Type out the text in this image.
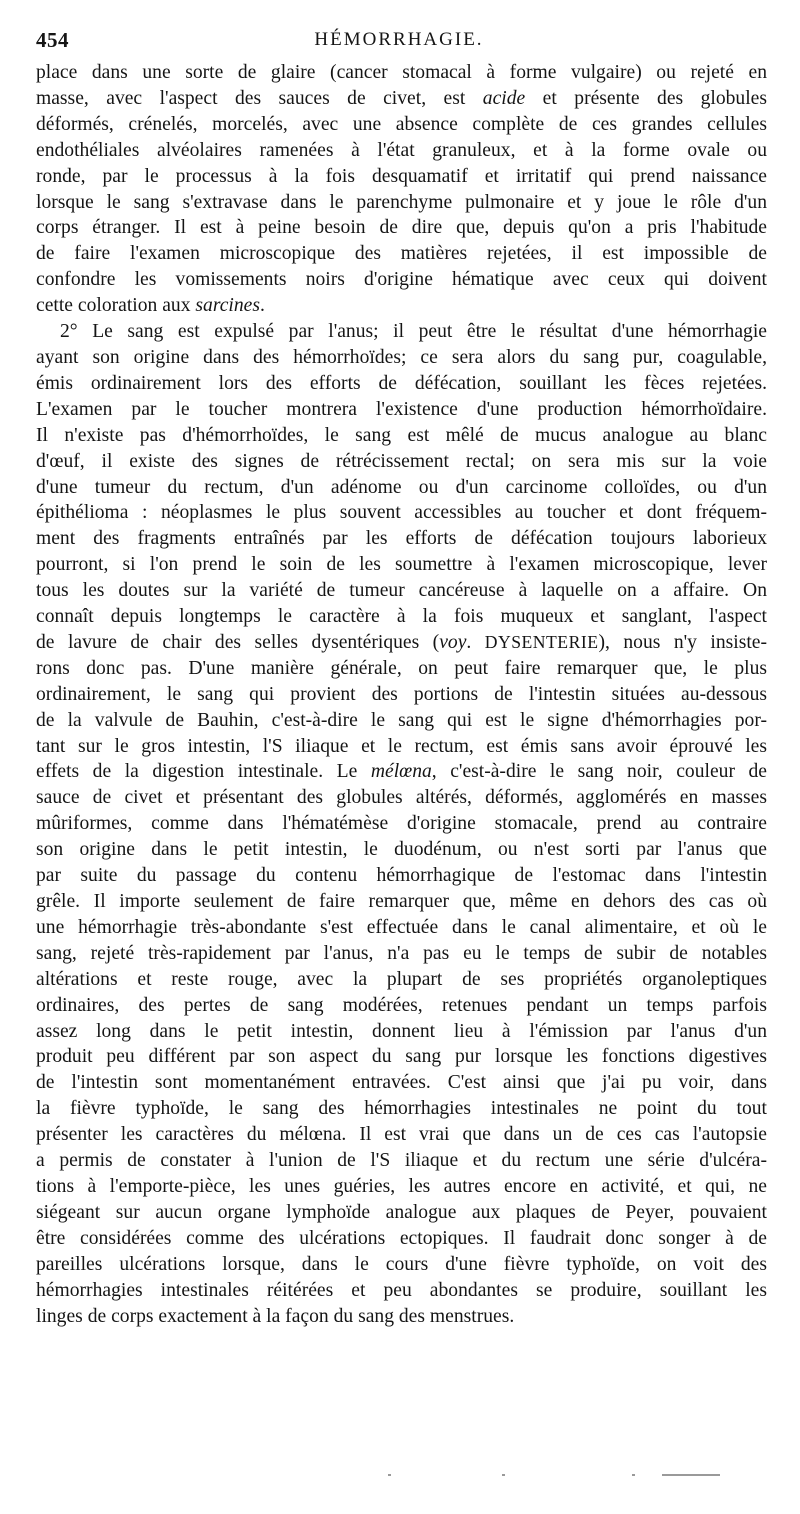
454	HÉMORRHAGIE.
place dans une sorte de glaire (cancer stomacal à forme vulgaire) ou rejeté en
masse, avec l'aspect des sauces de civet, est acide et présente des globules
déformés, crénelés, morcelés, avec une absence complète de ces grandes cellules
endothéliales alvéolaires ramenées à l'état granuleux, et à la forme ovale ou
ronde, par le processus à la fois desquamatif et irritatif qui prend naissance
lorsque le sang s'extravase dans le parenchyme pulmonaire et y joue le rôle d'un
corps étranger. Il est à peine besoin de dire que, depuis qu'on a pris l'habitude
de faire l'examen microscopique des matières rejetées, il est impossible de
confondre les vomissements noirs d'origine hématique avec ceux qui doivent
cette coloration aux sarcines.
2° Le sang est expulsé par l'anus; il peut être le résultat d'une hémorrhagie
ayant son origine dans des hémorrhoïdes; ce sera alors du sang pur, coagulable,
émis ordinairement lors des efforts de défécation, souillant les fèces rejetées.
L'examen par le toucher montrera l'existence d'une production hémorrhoïdaire.
Il n'existe pas d'hémorrhoïdes, le sang est mêlé de mucus analogue au blanc
d'œuf, il existe des signes de rétrécissement rectal; on sera mis sur la voie
d'une tumeur du rectum, d'un adénome ou d'un carcinome colloïdes, ou d'un
épithélioma : néoplasmes le plus souvent accessibles au toucher et dont fréquem-
ment des fragments entraînés par les efforts de défécation toujours laborieux
pourront, si l'on prend le soin de les soumettre à l'examen microscopique, lever
tous les doutes sur la variété de tumeur cancéreuse à laquelle on a affaire. On
connaît depuis longtemps le caractère à la fois muqueux et sanglant, l'aspect
de lavure de chair des selles dysentériques (voy. DYSENTERIE), nous n'y insiste-
rons donc pas. D'une manière générale, on peut faire remarquer que, le plus
ordinairement, le sang qui provient des portions de l'intestin situées au-dessous
de la valvule de Bauhin, c'est-à-dire le sang qui est le signe d'hémorrhagies por-
tant sur le gros intestin, l'S iliaque et le rectum, est émis sans avoir éprouvé les
effets de la digestion intestinale. Le mélœna, c'est-à-dire le sang noir, couleur de
sauce de civet et présentant des globules altérés, déformés, agglomérés en masses
mûriformes, comme dans l'hématémèse d'origine stomacale, prend au contraire
son origine dans le petit intestin, le duodénum, ou n'est sorti par l'anus que
par suite du passage du contenu hémorrhagique de l'estomac dans l'intestin
grêle. Il importe seulement de faire remarquer que, même en dehors des cas où
une hémorrhagie très-abondante s'est effectuée dans le canal alimentaire, et où le
sang, rejeté très-rapidement par l'anus, n'a pas eu le temps de subir de notables
altérations et reste rouge, avec la plupart de ses propriétés organoleptiques
ordinaires, des pertes de sang modérées, retenues pendant un temps parfois
assez long dans le petit intestin, donnent lieu à l'émission par l'anus d'un
produit peu différent par son aspect du sang pur lorsque les fonctions digestives
de l'intestin sont momentanément entravées. C'est ainsi que j'ai pu voir, dans
la fièvre typhoïde, le sang des hémorrhagies intestinales ne point du tout
présenter les caractères du mélœna. Il est vrai que dans un de ces cas l'autopsie
a permis de constater à l'union de l'S iliaque et du rectum une série d'ulcéra-
tions à l'emporte-pièce, les unes guéries, les autres encore en activité, et qui, ne
siégeant sur aucun organe lymphoïde analogue aux plaques de Peyer, pouvaient
être considérées comme des ulcérations ectopiques. Il faudrait donc songer à de
pareilles ulcérations lorsque, dans le cours d'une fièvre typhoïde, on voit des
hémorrhagies intestinales réitérées et peu abondantes se produire, souillant les
linges de corps exactement à la façon du sang des menstrues.
